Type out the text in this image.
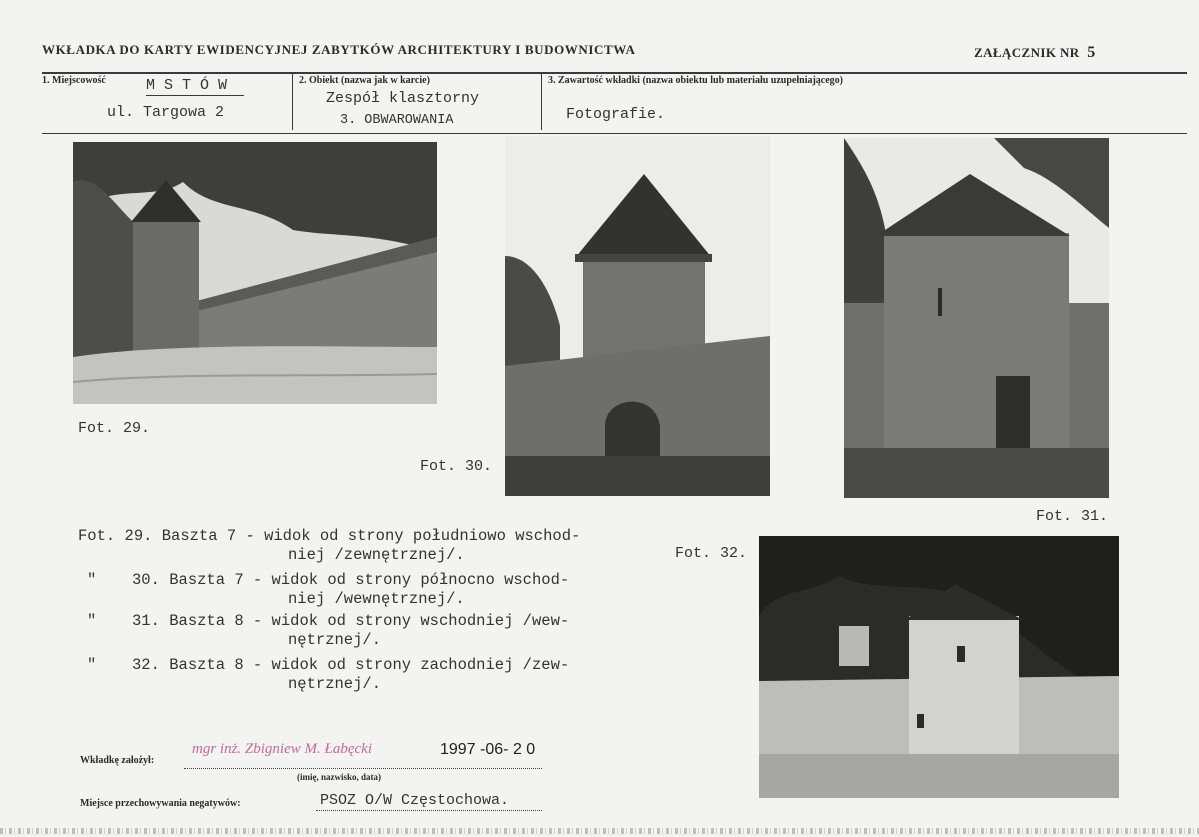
WKŁADKA DO KARTY EWIDENCYJNEJ ZABYTKÓW ARCHITEKTURY I BUDOWNICTWA	ZAŁĄCZNIK NR 5
1. Miejscowość	M S T Ó W
ul. Targowa 2
2. Obiekt (nazwa jak w karcie)
Zespół klasztorny
3. OBWAROWANIA
3. Zawartość wkładki (nazwa obiektu lub materiału uzupełniającego)
Fotografie.
Fot. 29.
Fot. 30.
Fot. 31.
Fot. 32.
Fot. 29. Baszta 7 - widok od strony południowo wschod-
niej /zewnętrznej/.
" 30. Baszta 7 - widok od strony północno wschod-
niej /wewnętrznej/.
" 31. Baszta 8 - widok od strony wschodniej /wew-
nętrznej/.
" 32. Baszta 8 - widok od strony zachodniej /zew-
nętrznej/.
Wkładkę założył:
mgr inż. Zbigniew M. Łabęcki	1997 -06- 2 0
(imię, nazwisko, data)
Miejsce przechowywania negatywów:	PSOZ O/W Częstochowa.
